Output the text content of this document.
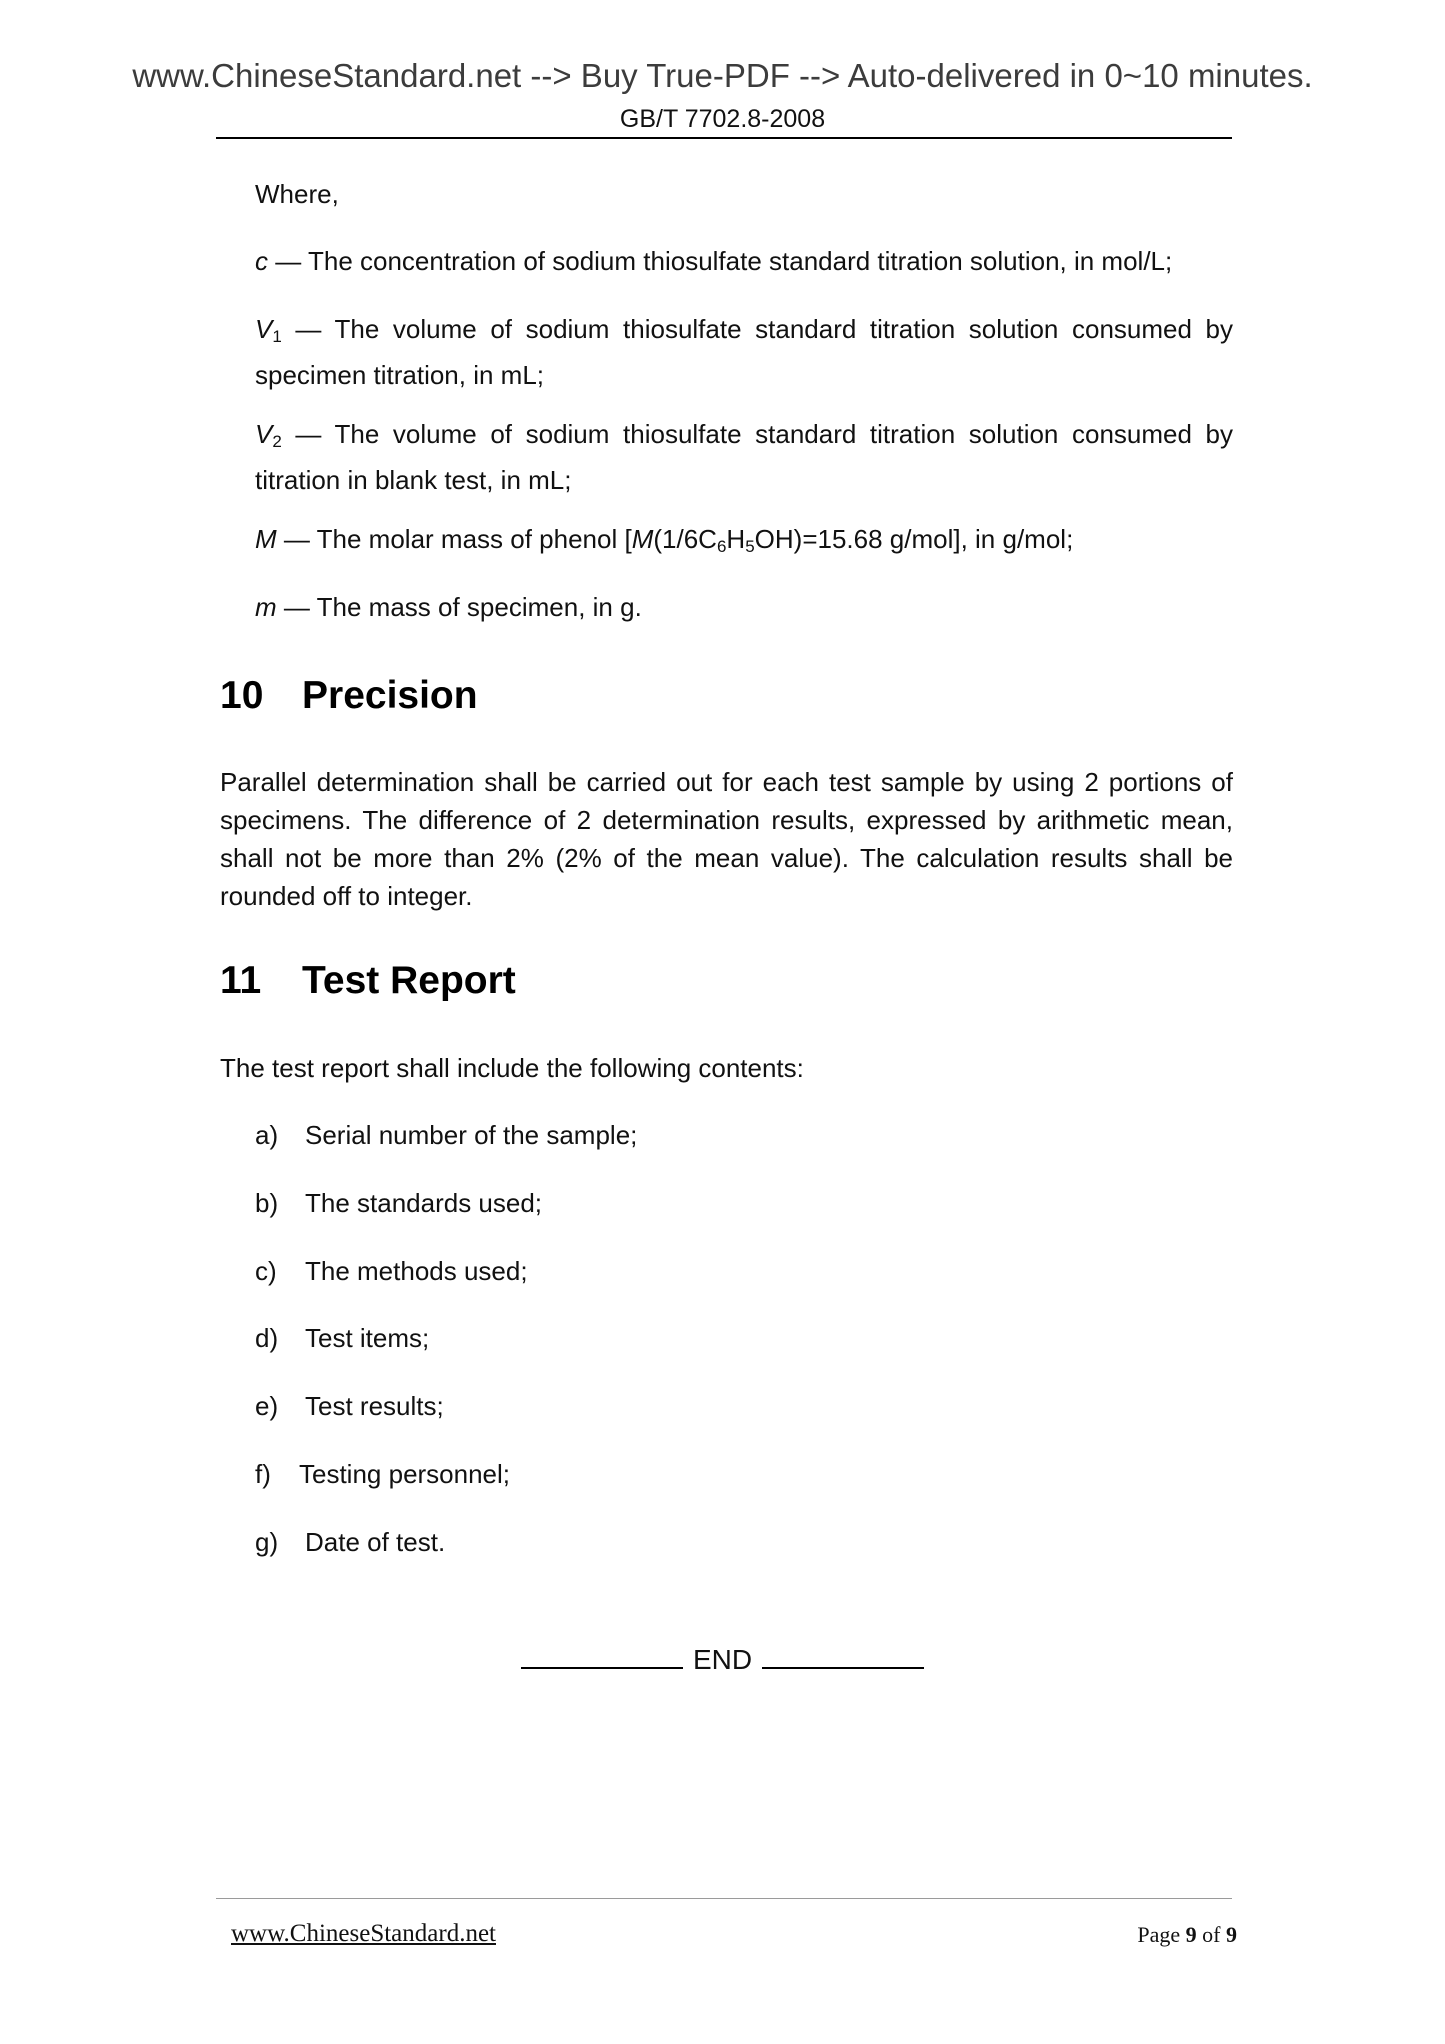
www.ChineseStandard.net --> Buy True-PDF --> Auto-delivered in 0~10 minutes.
GB/T 7702.8-2008
Where,
c — The concentration of sodium thiosulfate standard titration solution, in mol/L;
$V_1$ — The volume of sodium thiosulfate standard titration solution consumed by specimen titration, in mL;
$V_2$ — The volume of sodium thiosulfate standard titration solution consumed by titration in blank test, in mL;
M — The molar mass of phenol [$M(1/6C_6H_5OH)=15.68$ g/mol], in g/mol;
m — The mass of specimen, in g.
10 Precision
Parallel determination shall be carried out for each test sample by using 2 portions of specimens. The difference of 2 determination results, expressed by arithmetic mean, shall not be more than 2% (2% of the mean value). The calculation results shall be rounded off to integer.
11 Test Report
The test report shall include the following contents:
a) Serial number of the sample;
b) The standards used;
c) The methods used;
d) Test items;
e) Test results;
f) Testing personnel;
g) Date of test.
END
www.ChineseStandard.net	Page 9 of 9
